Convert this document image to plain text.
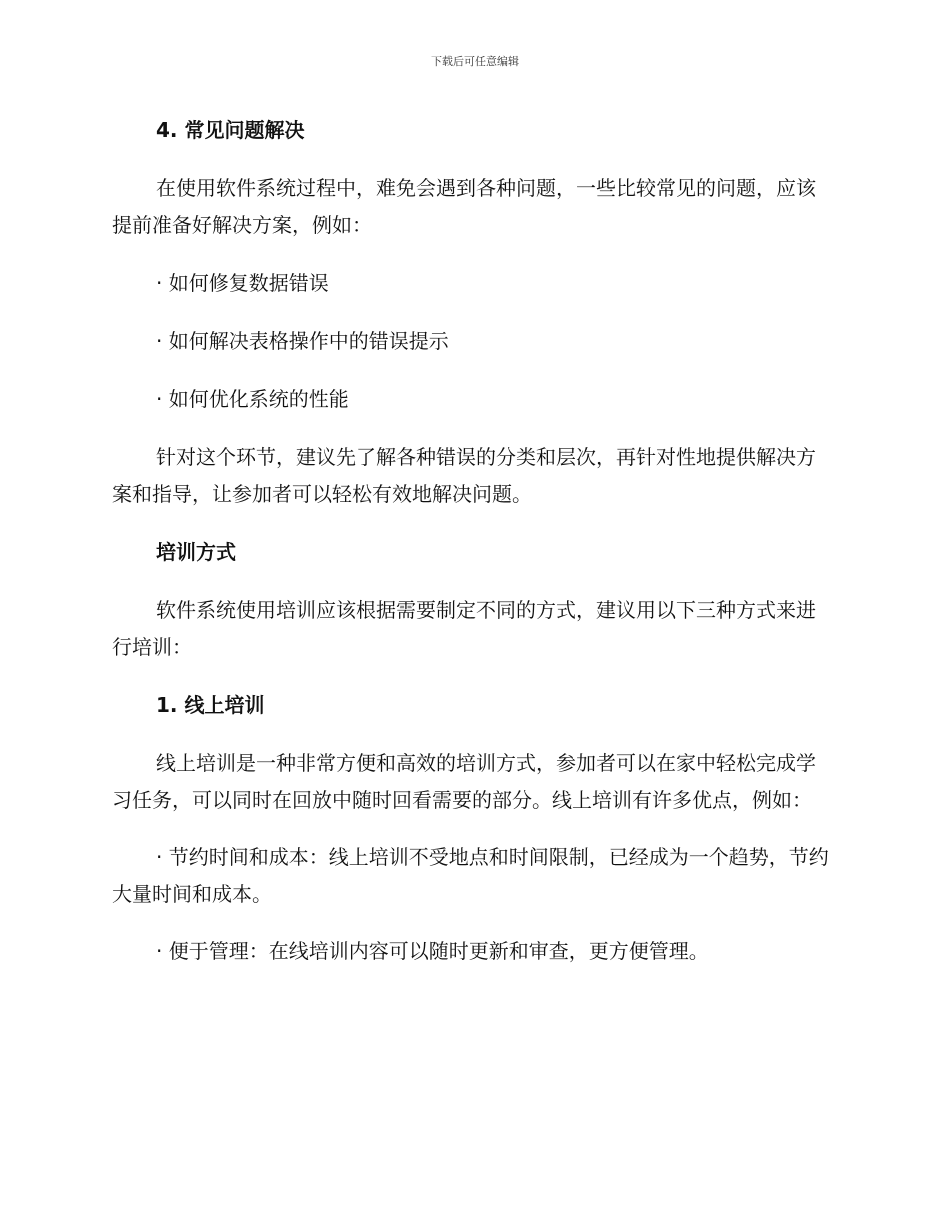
下载后可任意编辑

4. 常见问题解决

在使用软件系统过程中，难免会遇到各种问题，一些比较常见的问题，应该提前准备好解决方案，例如：

· 如何修复数据错误

· 如何解决表格操作中的错误提示

· 如何优化系统的性能

针对这个环节，建议先了解各种错误的分类和层次，再针对性地提供解决方案和指导，让参加者可以轻松有效地解决问题。

培训方式

软件系统使用培训应该根据需要制定不同的方式，建议用以下三种方式来进行培训：

1. 线上培训

线上培训是一种非常方便和高效的培训方式，参加者可以在家中轻松完成学习任务，可以同时在回放中随时回看需要的部分。线上培训有许多优点，例如：

· 节约时间和成本：线上培训不受地点和时间限制，已经成为一个趋势，节约大量时间和成本。

· 便于管理：在线培训内容可以随时更新和审查，更方便管理。
